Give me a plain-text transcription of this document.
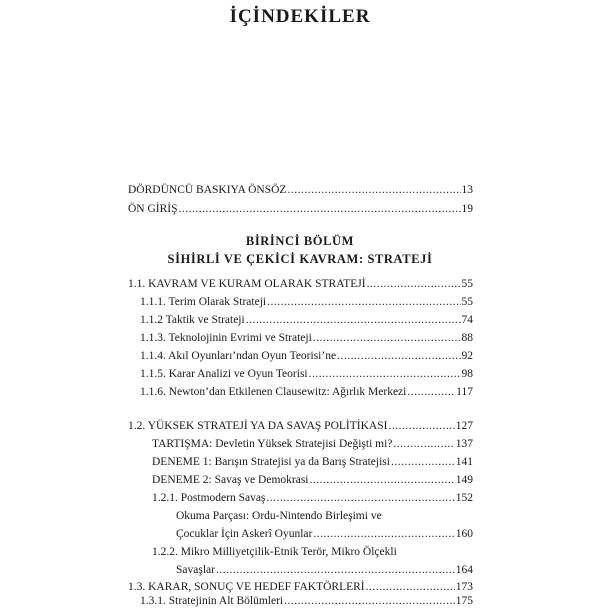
İÇİNDEKİLER
DÖRDÜNCÜ BASKIYA ÖNSÖZ .....	13
ÖN GİRİŞ .....	19
BİRİNCİ BÖLÜM
SİHİRLİ VE ÇEKİCİ KAVRAM: STRATEJİ
1.1. KAVRAM VE KURAM OLARAK STRATEJİ .....	55
1.1.1. Terim Olarak Strateji .....	55
1.1.2 Taktik ve Strateji .....	74
1.1.3. Teknolojinin Evrimi ve Strateji .....	88
1.1.4. Akıl Oyunları’ndan Oyun Teorisi’ne .....	92
1.1.5. Karar Analizi ve Oyun Teorisi .....	98
1.1.6. Newton’dan Etkilenen Clausewitz: Ağırlık Merkezi .....	117
1.2. YÜKSEK STRATEJİ YA DA SAVAŞ POLİTİKASI .....	127
TARTIŞMA: Devletin Yüksek Stratejisi Değişti mi? .....	137
DENEME 1: Barışın Stratejisi ya da Barış Stratejisi .....	141
DENEME 2: Savaş ve Demokrasi .....	149
1.2.1. Postmodern Savaş .....	152
Okuma Parçası: Ordu-Nintendo Birleşimi ve
Çocuklar İçin Askerî Oyunlar .....	160
1.2.2. Mikro Milliyetçilik-Etnik Terör, Mikro Ölçekli
Savaşlar .....	164
1.3. KARAR, SONUÇ VE HEDEF FAKTÖRLERİ .....	173
1.3.1. Stratejinin Alt Bölümleri .....	175
